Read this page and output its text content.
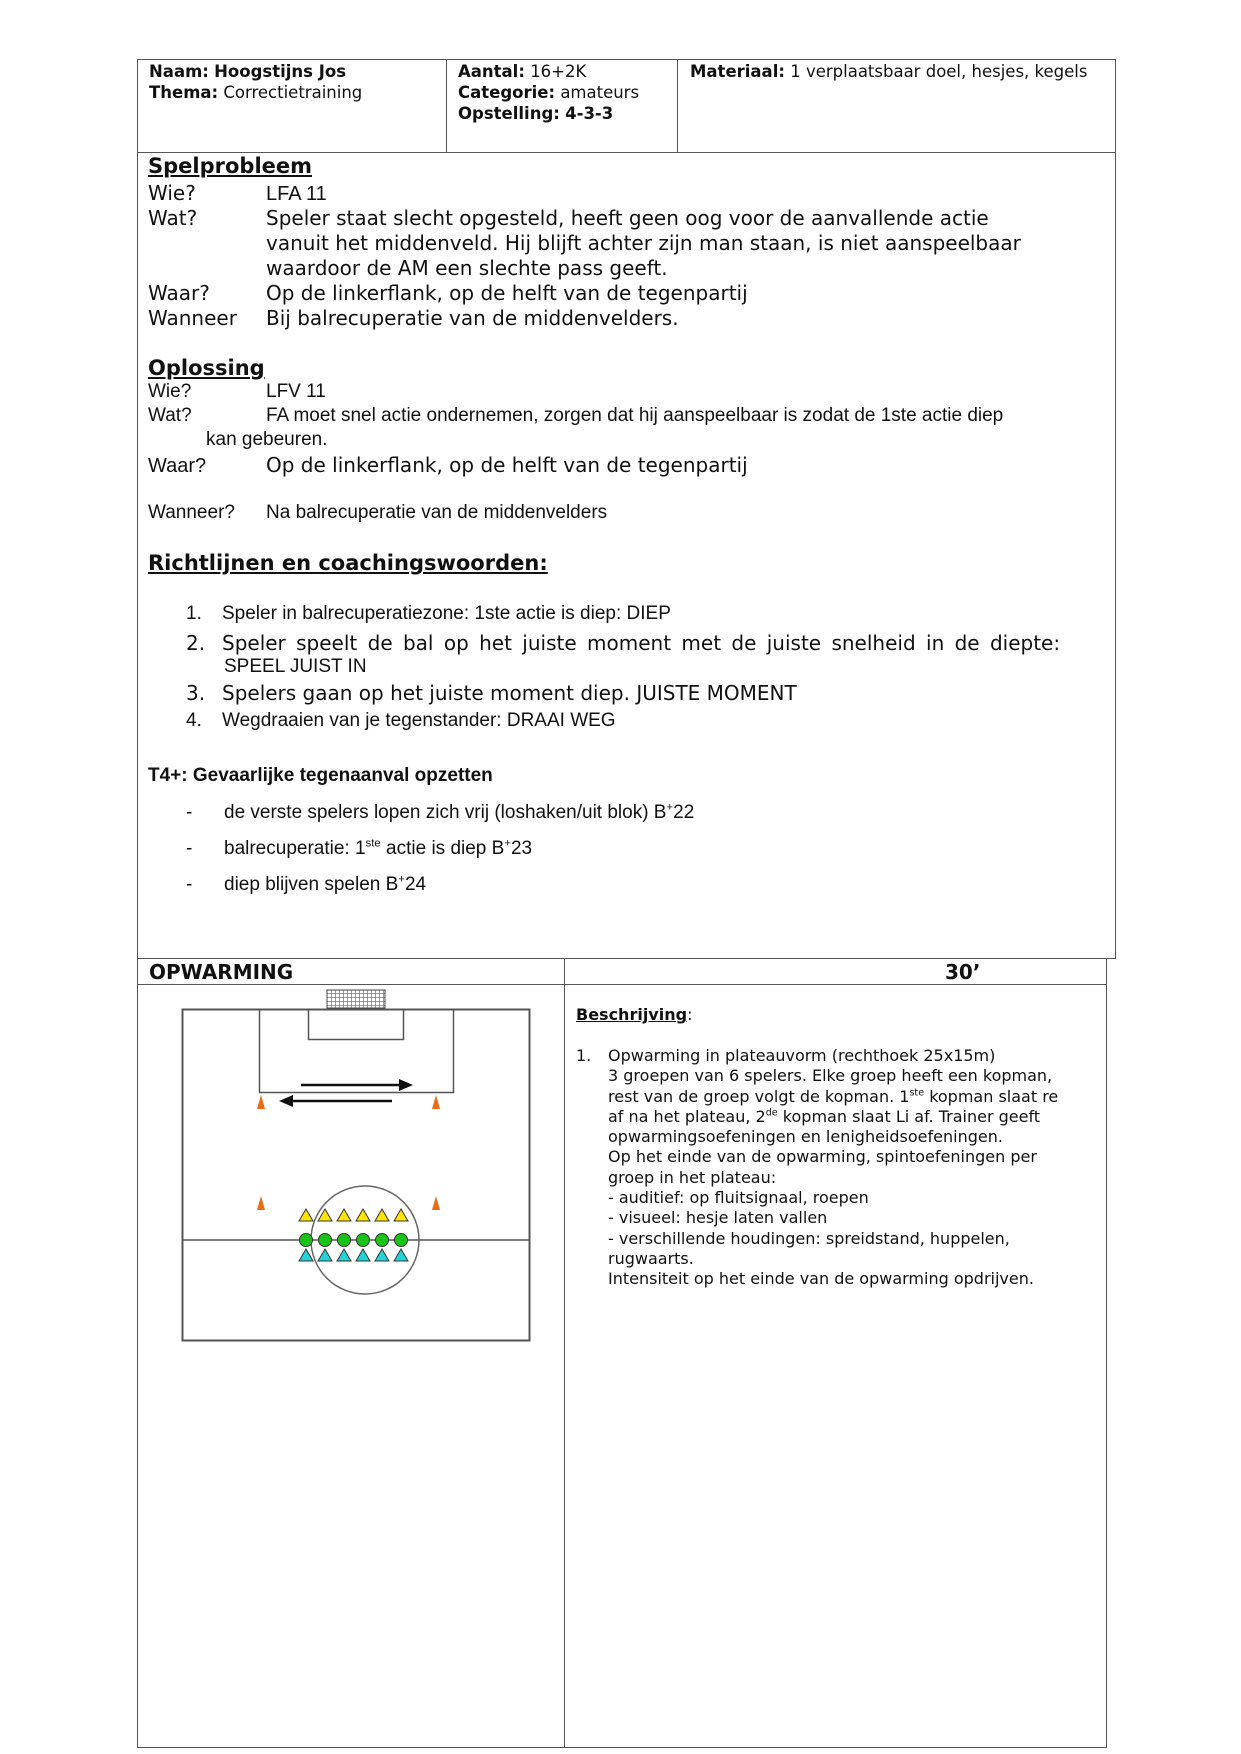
Naam: Hoogstijns Jos
Thema: Correctietraining
Aantal: 16+2K
Categorie: amateurs
Opstelling: 4-3-3
Materiaal: 1 verplaatsbaar doel, hesjes, kegels
Spelprobleem
Wie?	LFA 11
Wat?	Speler staat slecht opgesteld, heeft geen oog voor de aanvallende actie
vanuit het middenveld. Hij blijft achter zijn man staan, is niet aanspeelbaar
waardoor de AM een slechte pass geeft.
Waar?	Op de linkerflank, op de helft van de tegenpartij
Wanneer Bij balrecuperatie van de middenvelders.
Oplossing
Wie?	LFV 11
Wat?	FA moet snel actie ondernemen, zorgen dat hij aanspeelbaar is zodat de 1ste actie diep
kan gebeuren.
Waar?	Op de linkerflank, op de helft van de tegenpartij
Wanneer? Na balrecuperatie van de middenvelders
Richtlijnen en coachingswoorden:
1. Speler in balrecuperatiezone: 1ste actie is diep: DIEP
2. Speler speelt de bal op het juiste moment met de juiste snelheid in de diepte:
SPEEL JUIST IN
3. Spelers gaan op het juiste moment diep. JUISTE MOMENT
4. Wegdraaien van je tegenstander: DRAAI WEG
T4+: Gevaarlijke tegenaanval opzetten
- de verste spelers lopen zich vrij (loshaken/uit blok) B+22
- balrecuperatie: 1ste actie is diep B+23
- diep blijven spelen B+24
OPWARMING	30’
Beschrijving:
1. Opwarming in plateauvorm (rechthoek 25x15m)
3 groepen van 6 spelers. Elke groep heeft een kopman,
rest van de groep volgt de kopman. 1ste kopman slaat re
af na het plateau, 2de kopman slaat Li af. Trainer geeft
opwarmingsoefeningen en lenigheidsoefeningen.
Op het einde van de opwarming, spintoefeningen per
groep in het plateau:
- auditief: op fluitsignaal, roepen
- visueel: hesje laten vallen
- verschillende houdingen: spreidstand, huppelen,
rugwaarts.
Intensiteit op het einde van de opwarming opdrijven.
